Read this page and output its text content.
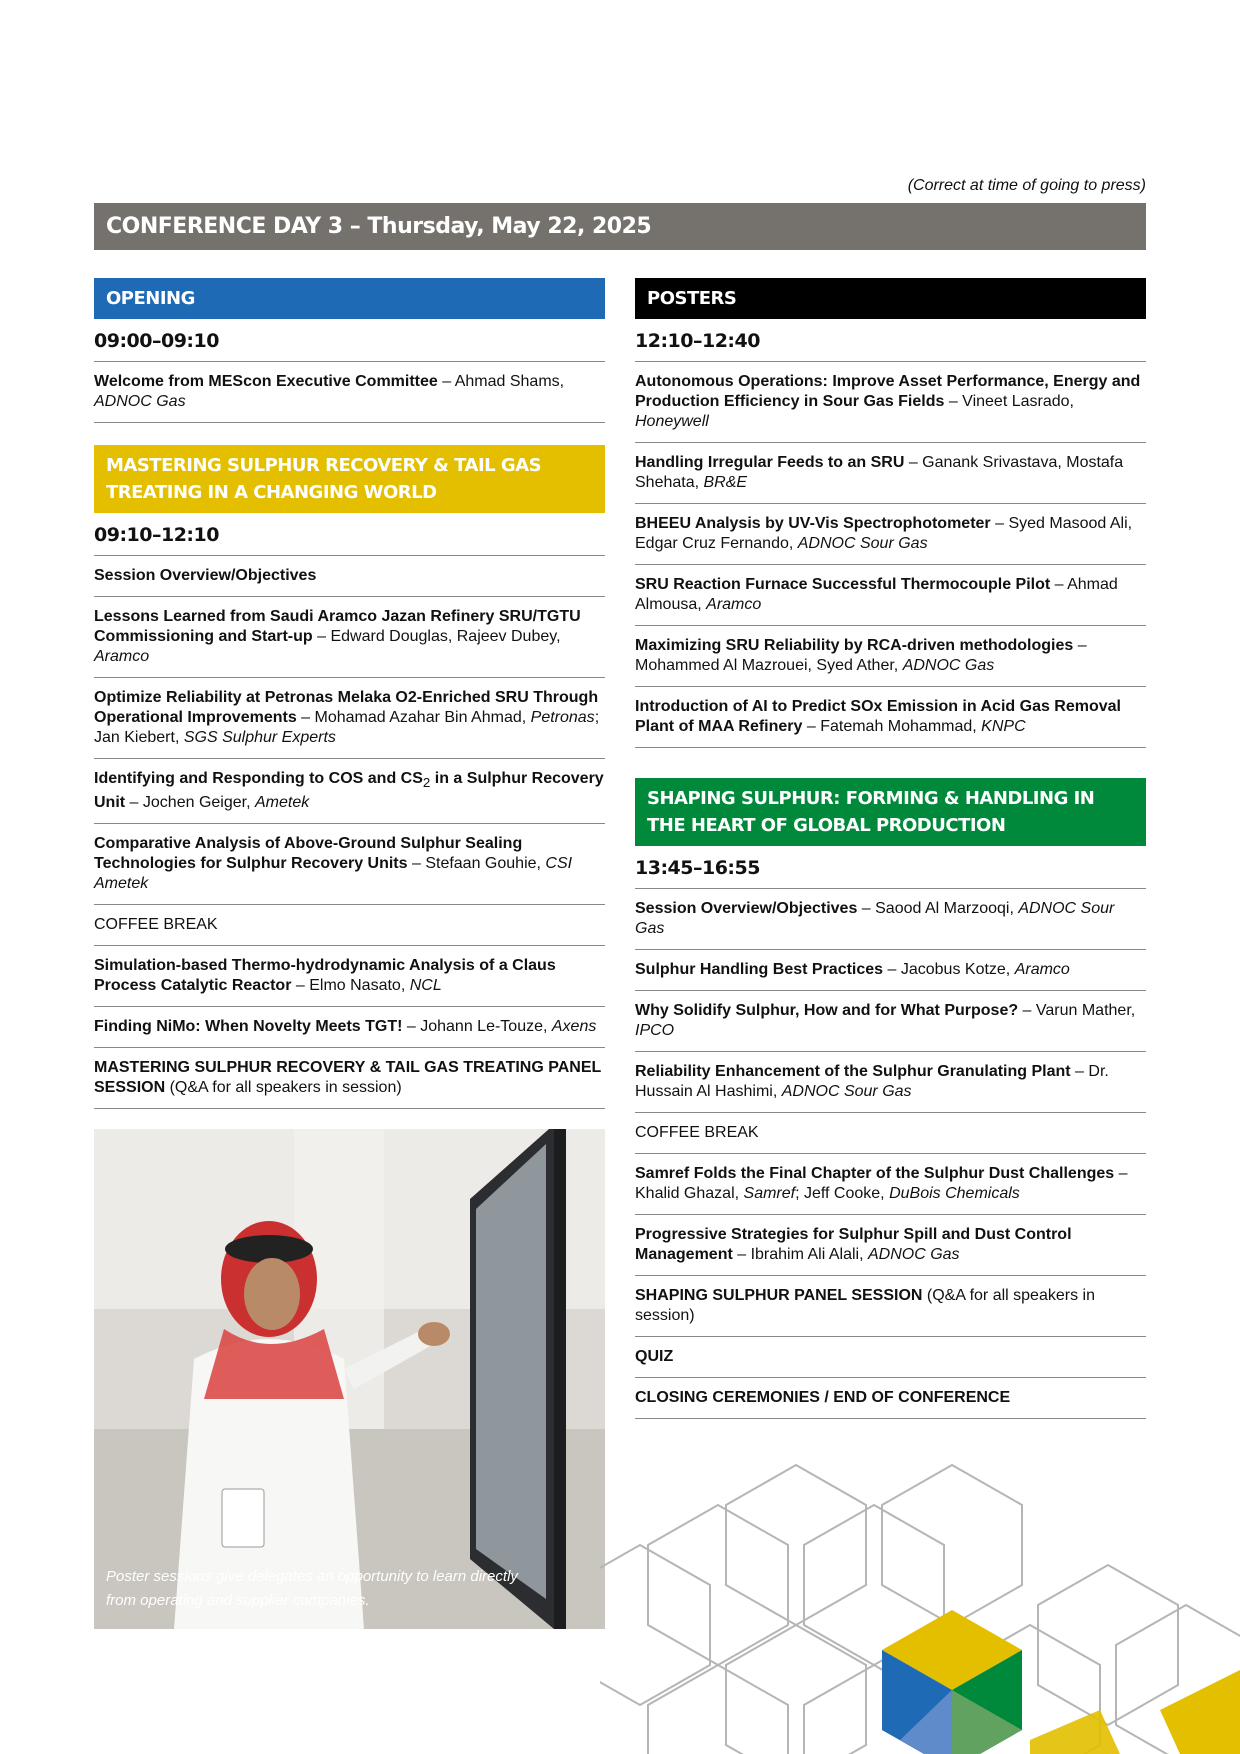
(Correct at time of going to press)
CONFERENCE DAY 3 – Thursday, May 22, 2025
OPENING
09:00–09:10
Welcome from MEScon Executive Committee – Ahmad Shams, ADNOC Gas
MASTERING SULPHUR RECOVERY & TAIL GAS TREATING IN A CHANGING WORLD
09:10–12:10
Session Overview/Objectives
Lessons Learned from Saudi Aramco Jazan Refinery SRU/TGTU Commissioning and Start-up – Edward Douglas, Rajeev Dubey, Aramco
Optimize Reliability at Petronas Melaka O2-Enriched SRU Through Operational Improvements – Mohamad Azahar Bin Ahmad, Petronas; Jan Kiebert, SGS Sulphur Experts
Identifying and Responding to COS and $CS_2$ in a Sulphur Recovery Unit – Jochen Geiger, Ametek
Comparative Analysis of Above-Ground Sulphur Sealing Technologies for Sulphur Recovery Units – Stefaan Gouhie, CSI Ametek
COFFEE BREAK
Simulation-based Thermo-hydrodynamic Analysis of a Claus Process Catalytic Reactor – Elmo Nasato, NCL
Finding NiMo: When Novelty Meets TGT! – Johann Le-Touze, Axens
MASTERING SULPHUR RECOVERY & TAIL GAS TREATING PANEL SESSION (Q&A for all speakers in session)
Poster sessions give delegates an opportunity to learn directly from operating and supplier companies.
POSTERS
12:10–12:40
Autonomous Operations: Improve Asset Performance, Energy and Production Efficiency in Sour Gas Fields – Vineet Lasrado, Honeywell
Handling Irregular Feeds to an SRU – Ganank Srivastava, Mostafa Shehata, BR&E
BHEEU Analysis by UV-Vis Spectrophotometer – Syed Masood Ali, Edgar Cruz Fernando, ADNOC Sour Gas
SRU Reaction Furnace Successful Thermocouple Pilot – Ahmad Almousa, Aramco
Maximizing SRU Reliability by RCA-driven methodologies – Mohammed Al Mazrouei, Syed Ather, ADNOC Gas
Introduction of AI to Predict SOx Emission in Acid Gas Removal Plant of MAA Refinery – Fatemah Mohammad, KNPC
SHAPING SULPHUR: FORMING & HANDLING IN THE HEART OF GLOBAL PRODUCTION
13:45–16:55
Session Overview/Objectives – Saood Al Marzooqi, ADNOC Sour Gas
Sulphur Handling Best Practices – Jacobus Kotze, Aramco
Why Solidify Sulphur, How and for What Purpose? – Varun Mather, IPCO
Reliability Enhancement of the Sulphur Granulating Plant – Dr. Hussain Al Hashimi, ADNOC Sour Gas
COFFEE BREAK
Samref Folds the Final Chapter of the Sulphur Dust Challenges – Khalid Ghazal, Samref; Jeff Cooke, DuBois Chemicals
Progressive Strategies for Sulphur Spill and Dust Control Management – Ibrahim Ali Alali, ADNOC Gas
SHAPING SULPHUR PANEL SESSION (Q&A for all speakers in session)
QUIZ
CLOSING CEREMONIES / END OF CONFERENCE
